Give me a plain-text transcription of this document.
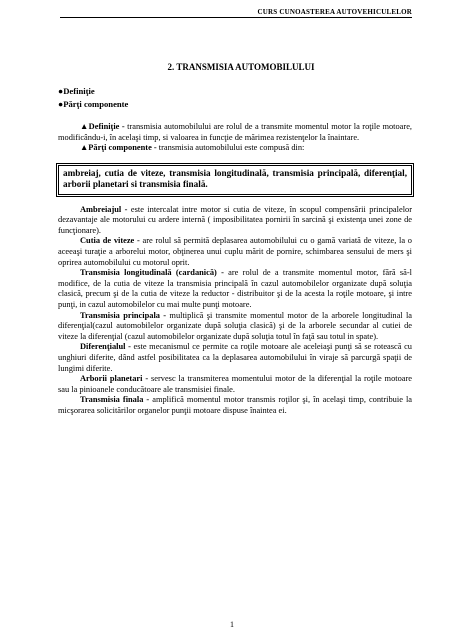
CURS CUNOASTEREA AUTOVEHICULELOR
2. TRANSMISIA AUTOMOBILULUI
●Definiţie
●Părţi componente

▲Definiţie - transmisia automobilului are rolul de a transmite momentul motor la roţile motoare, modificându-i, în acelaşi timp, si valoarea in funcţie de mărimea rezistenţelor la înaintare.

▲Părţi componente - transmisia automobilului este compusă din:

ambreiaj, cutia de viteze, transmisia longitudinală, transmisia principală, diferenţial, arborii planetari si transmisia finală.

Ambreiajul - este intercalat intre motor si cutia de viteze, în scopul compensării principalelor dezavantaje ale motorului cu ardere internă ( imposibilitatea pornirii în sarcină şi existenţa unei zone de funcţionare).

Cutia de viteze - are rolul să permită deplasarea automobilului cu o gamă variată de viteze, la o aceeaşi turaţie a arborelui motor, obţinerea unui cuplu mărit de pornire, schimbarea sensului de mers şi oprirea automobilului cu motorul oprit.

Transmisia longitudinală (cardanică) - are rolul de a transmite momentul motor, fără să-l modifice, de la cutia de viteze la transmisia principală în cazul automobilelor organizate după soluţia clasică, precum şi de la cutia de viteze la reductor - distribuitor şi de la acesta la roţile motoare, şi intre punţi, in cazul automobilelor cu mai multe punţi motoare.

Transmisia principala - multiplică şi transmite momentul motor de la arborele longitudinal la diferenţial(cazul automobilelor organizate după soluţia clasică) şi de la arborele secundar al cutiei de viteze la diferenţial (cazul automobilelor organizate după soluţia totul în faţă sau totul in spate).

Diferenţialul - este mecanismul ce permite ca roţile motoare ale aceleiaşi punţi să se rotească cu unghiuri diferite, dând astfel posibilitatea ca la deplasarea automobilului în viraje să parcurgă spaţii de lungimi diferite.

Arborii planetari - servesc la transmiterea momentului motor de la diferenţial la roţile motoare sau la pinioanele conducătoare ale transmisiei finale.

Transmisia finala - amplifică momentul motor transmis roţilor şi, în acelaşi timp, contribuie la micşorarea solicitărilor organelor punţii motoare dispuse înaintea ei.

1
